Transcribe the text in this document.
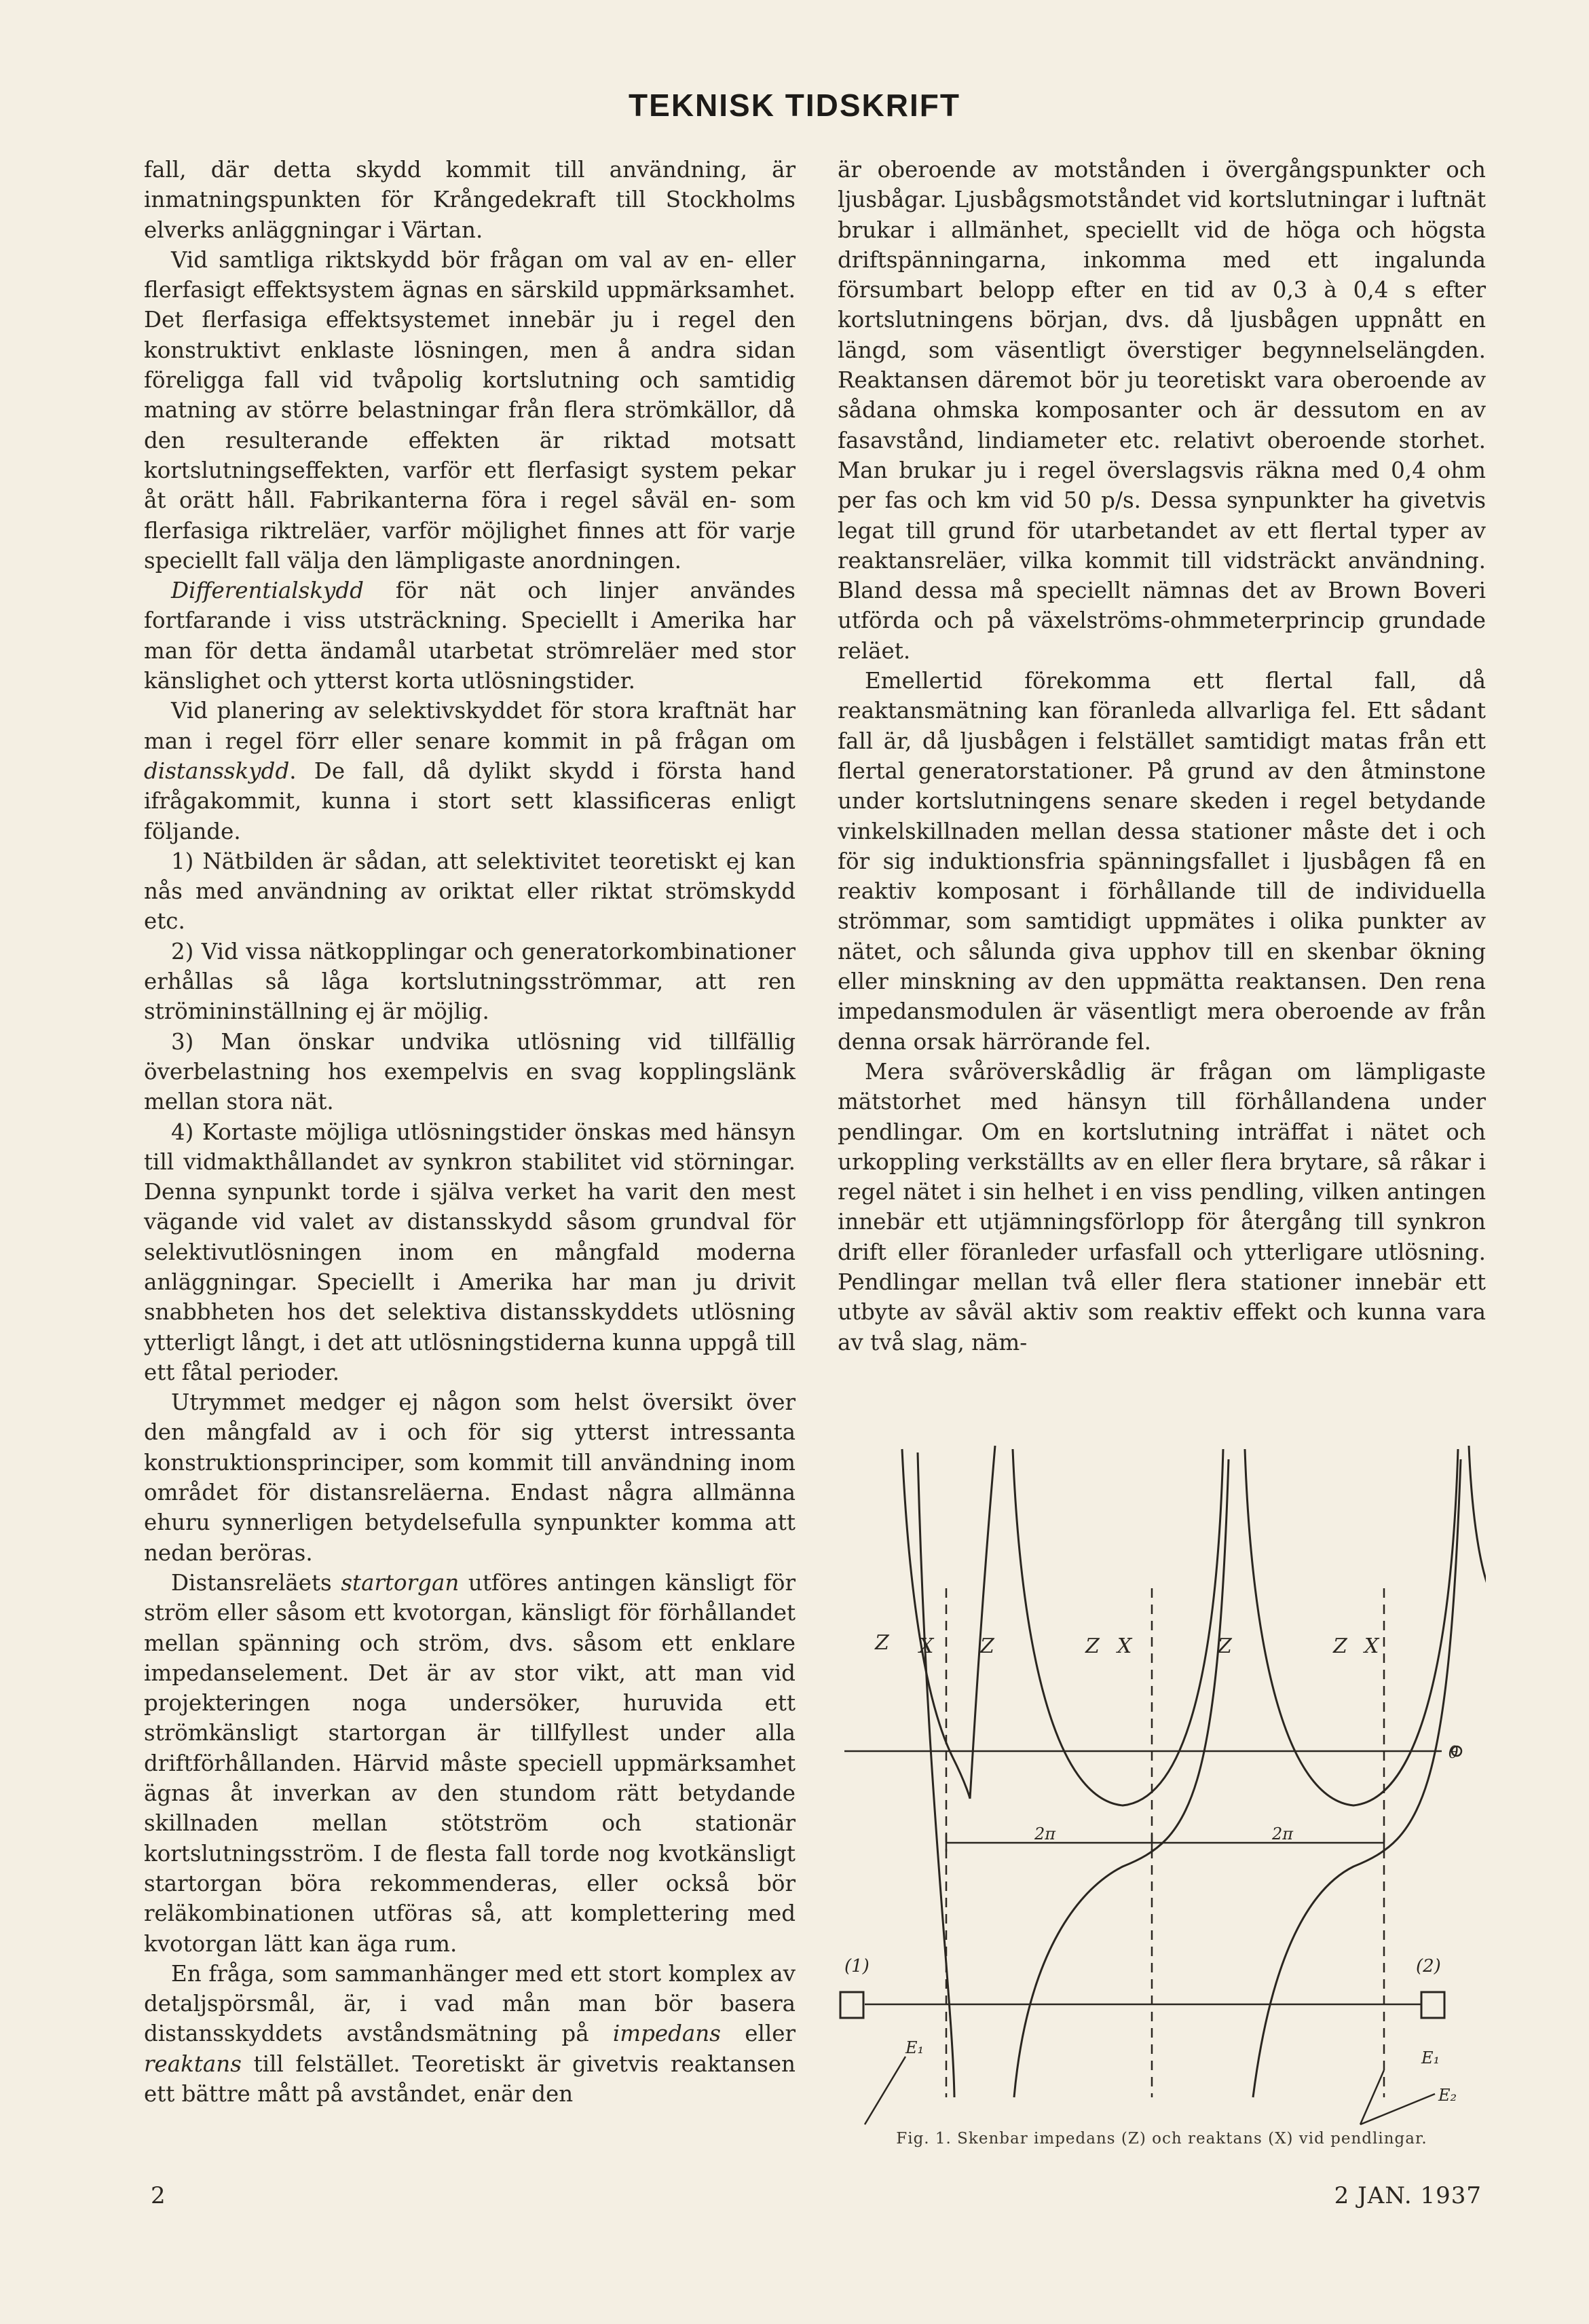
TEKNISK TIDSKRIFT

fall, där detta skydd kommit till användning, är inmatningspunkten för Krångedekraft till Stockholms elverks anläggningar i Värtan.

Vid samtliga riktskydd bör frågan om val av en- eller flerfasigt effektsystem ägnas en särskild uppmärksamhet. Det flerfasiga effektsystemet innebär ju i regel den konstruktivt enklaste lösningen, men å andra sidan föreligga fall vid tvåpolig kortslutning och samtidig matning av större belastningar från flera strömkällor, då den resulterande effekten är riktad motsatt kortslutningseffekten, varför ett flerfasigt system pekar åt orätt håll. Fabrikanterna föra i regel såväl en- som flerfasiga riktreläer, varför möjlighet finnes att för varje speciellt fall välja den lämpligaste anordningen.

Differentialskydd för nät och linjer användes fortfarande i viss utsträckning. Speciellt i Amerika har man för detta ändamål utarbetat strömreläer med stor känslighet och ytterst korta utlösningstider.

Vid planering av selektivskyddet för stora kraftnät har man i regel förr eller senare kommit in på frågan om distansskydd. De fall, då dylikt skydd i första hand ifrågakommit, kunna i stort sett klassificeras enligt följande.

1) Nätbilden är sådan, att selektivitet teoretiskt ej kan nås med användning av oriktat eller riktat strömskydd etc.

2) Vid vissa nätkopplingar och generatorkombinationer erhållas så låga kortslutningsströmmar, att ren strömininställning ej är möjlig.

3) Man önskar undvika utlösning vid tillfällig överbelastning hos exempelvis en svag kopplingslänk mellan stora nät.

4) Kortaste möjliga utlösningstider önskas med hänsyn till vidmakthållandet av synkron stabilitet vid störningar. Denna synpunkt torde i själva verket ha varit den mest vägande vid valet av distansskydd såsom grundval för selektivutlösningen inom en mångfald moderna anläggningar. Speciellt i Amerika har man ju drivit snabbheten hos det selektiva distansskyddets utlösning ytterligt långt, i det att utlösningstiderna kunna uppgå till ett fåtal perioder.

Utrymmet medger ej någon som helst översikt över den mångfald av i och för sig ytterst intressanta konstruktionsprinciper, som kommit till användning inom området för distansreläerna. Endast några allmänna ehuru synnerligen betydelsefulla synpunkter komma att nedan beröras.

Distansreläets startorgan utföres antingen känsligt för ström eller såsom ett kvotorgan, känsligt för förhållandet mellan spänning och ström, dvs. såsom ett enklare impedanselement. Det är av stor vikt, att man vid projekteringen noga undersöker, huruvida ett strömkänsligt startorgan är tillfyllest under alla driftförhållanden. Härvid måste speciell uppmärksamhet ägnas åt inverkan av den stundom rätt betydande skillnaden mellan stötström och stationär kortslutningsström. I de flesta fall torde nog kvotkänsligt startorgan böra rekommenderas, eller också bör reläkombinationen utföras så, att komplettering med kvotorgan lätt kan äga rum.

En fråga, som sammanhänger med ett stort komplex av detaljspörsmål, är, i vad mån man bör basera distansskyddets avståndsmätning på impedans eller reaktans till felstället. Teoretiskt är givetvis reaktansen ett bättre mått på avståndet, enär den

är oberoende av motstånden i övergångspunkter och ljusbågar. Ljusbågsmotståndet vid kortslutningar i luftnät brukar i allmänhet, speciellt vid de höga och högsta driftspänningarna, inkomma med ett ingalunda försumbart belopp efter en tid av 0,3 à 0,4 s efter kortslutningens början, dvs. då ljusbågen uppnått en längd, som väsentligt överstiger begynnelselängden. Reaktansen däremot bör ju teoretiskt vara oberoende av sådana ohmska komposanter och är dessutom en av fasavstånd, lindiameter etc. relativt oberoende storhet. Man brukar ju i regel överslagsvis räkna med 0,4 ohm per fas och km vid 50 p/s. Dessa synpunkter ha givetvis legat till grund för utarbetandet av ett flertal typer av reaktansreläer, vilka kommit till vidsträckt användning. Bland dessa må speciellt nämnas det av Brown Boveri utförda och på växelströms-ohmmeterprincip grundade reläet.

Emellertid förekomma ett flertal fall, då reaktansmätning kan föranleda allvarliga fel. Ett sådant fall är, då ljusbågen i felstället samtidigt matas från ett flertal generatorstationer. På grund av den åtminstone under kortslutningens senare skeden i regel betydande vinkelskillnaden mellan dessa stationer måste det i och för sig induktionsfria spänningsfallet i ljusbågen få en reaktiv komposant i förhållande till de individuella strömmar, som samtidigt uppmätes i olika punkter av nätet, och sålunda giva upphov till en skenbar ökning eller minskning av den uppmätta reaktansen. Den rena impedansmodulen är väsentligt mera oberoende av från denna orsak härrörande fel.

Mera svåröverskådlig är frågan om lämpligaste mätstorhet med hänsyn till förhållandena under pendlingar. Om en kortslutning inträffat i nätet och urkoppling verkställts av en eller flera brytare, så råkar i regel nätet i sin helhet i en viss pendling, vilken antingen innebär ett utjämningsförlopp för återgång till synkron drift eller föranleder urfasfall och ytterligare utlösning. Pendlingar mellan två eller flera stationer innebär ett utbyte av såväl aktiv som reaktiv effekt och kunna vara av två slag, näm-

Z X Z	Z X	Z	Z X
θ
2π	2π
(1)	(2)
E₁
E₁
E₂
Fig. 1. Skenbar impedans (Z) och reaktans (X) vid pendlingar.
2	2 JAN. 1937
